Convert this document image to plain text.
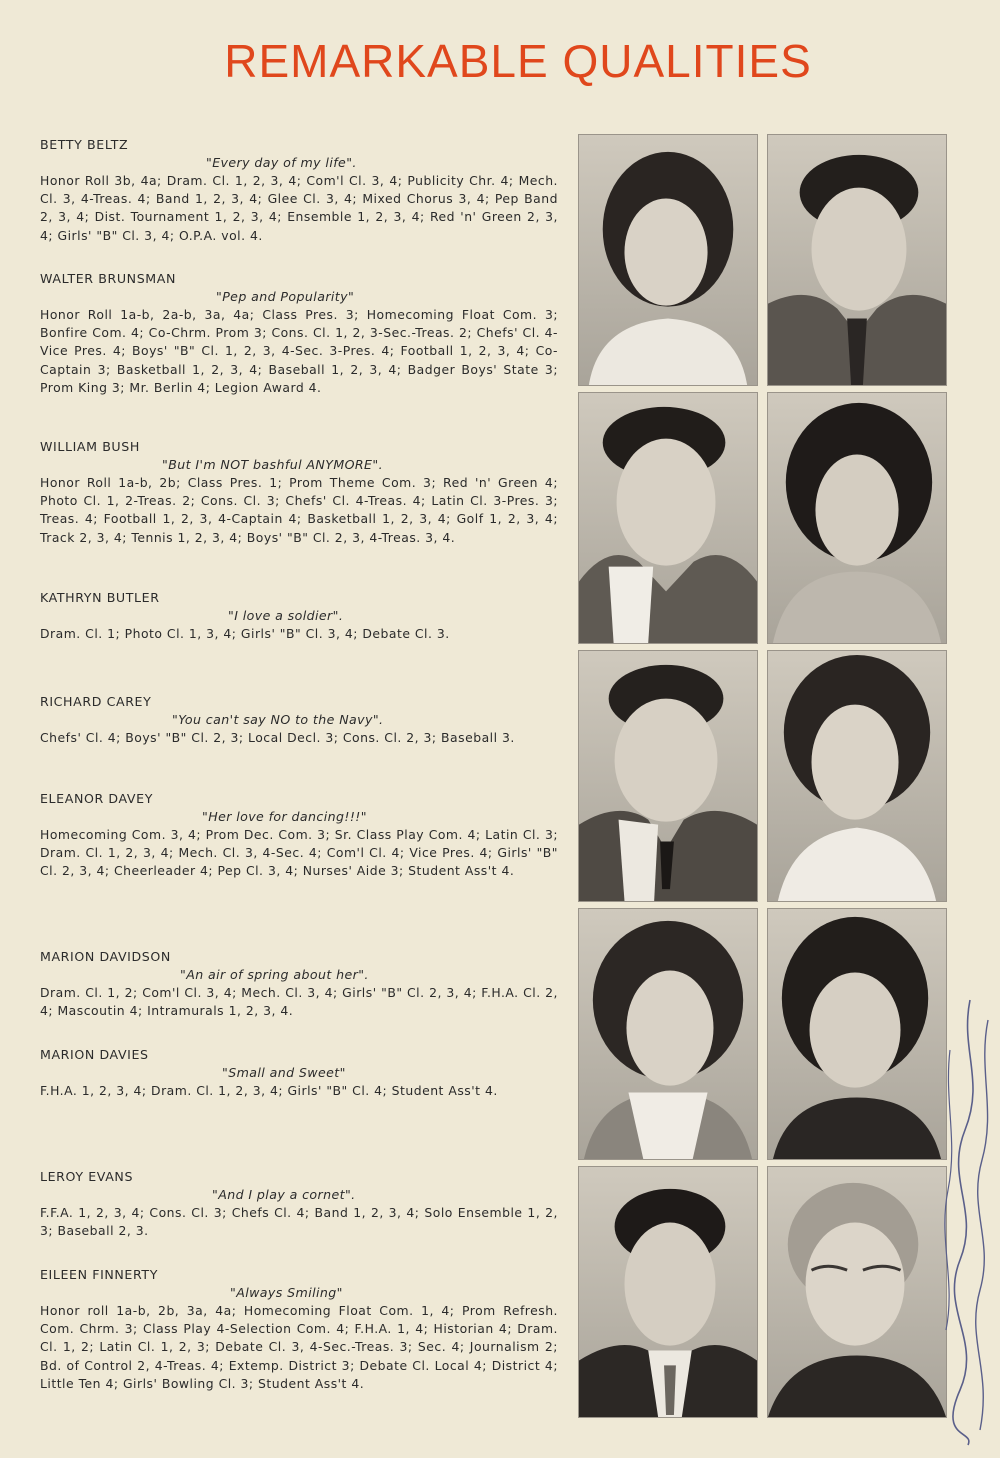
REMARKABLE QUALITIES
BETTY BELTZ
"Every day of my life".
Honor Roll 3b, 4a; Dram. Cl. 1, 2, 3, 4; Com'l Cl. 3, 4; Publicity Chr. 4; Mech. Cl. 3, 4-Treas. 4; Band 1, 2, 3, 4; Glee Cl. 3, 4; Mixed Chorus 3, 4; Pep Band 2, 3, 4; Dist. Tournament 1, 2, 3, 4; Ensemble 1, 2, 3, 4; Red 'n' Green 2, 3, 4; Girls' "B" Cl. 3, 4; O.P.A. vol. 4.
WALTER BRUNSMAN
"Pep and Popularity"
Honor Roll 1a-b, 2a-b, 3a, 4a; Class Pres. 3; Homecoming Float Com. 3; Bonfire Com. 4; Co-Chrm. Prom 3; Cons. Cl. 1, 2, 3-Sec.-Treas. 2; Chefs' Cl. 4-Vice Pres. 4; Boys' "B" Cl. 1, 2, 3, 4-Sec. 3-Pres. 4; Football 1, 2, 3, 4; Co-Captain 3; Basketball 1, 2, 3, 4; Baseball 1, 2, 3, 4; Badger Boys' State 3; Prom King 3; Mr. Berlin 4; Legion Award 4.
WILLIAM BUSH
"But I'm NOT bashful ANYMORE".
Honor Roll 1a-b, 2b; Class Pres. 1; Prom Theme Com. 3; Red 'n' Green 4; Photo Cl. 1, 2-Treas. 2; Cons. Cl. 3; Chefs' Cl. 4-Treas. 4; Latin Cl. 3-Pres. 3; Treas. 4; Football 1, 2, 3, 4-Captain 4; Basketball 1, 2, 3, 4; Golf 1, 2, 3, 4; Track 2, 3, 4; Tennis 1, 2, 3, 4; Boys' "B" Cl. 2, 3, 4-Treas. 3, 4.
KATHRYN BUTLER
"I love a soldier".
Dram. Cl. 1; Photo Cl. 1, 3, 4; Girls' "B" Cl. 3, 4; Debate Cl. 3.
RICHARD CAREY
"You can't say NO to the Navy".
Chefs' Cl. 4; Boys' "B" Cl. 2, 3; Local Decl. 3; Cons. Cl. 2, 3; Baseball 3.
ELEANOR DAVEY
"Her love for dancing!!!"
Homecoming Com. 3, 4; Prom Dec. Com. 3; Sr. Class Play Com. 4; Latin Cl. 3; Dram. Cl. 1, 2, 3, 4; Mech. Cl. 3, 4-Sec. 4; Com'l Cl. 4; Vice Pres. 4; Girls' "B" Cl. 2, 3, 4; Cheerleader 4; Pep Cl. 3, 4; Nurses' Aide 3; Student Ass't 4.
MARION DAVIDSON
"An air of spring about her".
Dram. Cl. 1, 2; Com'l Cl. 3, 4; Mech. Cl. 3, 4; Girls' "B" Cl. 2, 3, 4; F.H.A. Cl. 2, 4; Mascoutin 4; Intramurals 1, 2, 3, 4.
MARION DAVIES
"Small and Sweet"
F.H.A. 1, 2, 3, 4; Dram. Cl. 1, 2, 3, 4; Girls' "B" Cl. 4; Student Ass't 4.
LEROY EVANS
"And I play a cornet".
F.F.A. 1, 2, 3, 4; Cons. Cl. 3; Chefs Cl. 4; Band 1, 2, 3, 4; Solo Ensemble 1, 2, 3; Baseball 2, 3.
EILEEN FINNERTY
"Always Smiling"
Honor roll 1a-b, 2b, 3a, 4a; Homecoming Float Com. 1, 4; Prom Refresh. Com. Chrm. 3; Class Play 4-Selection Com. 4; F.H.A. 1, 4; Historian 4; Dram. Cl. 1, 2; Latin Cl. 1, 2, 3; Debate Cl. 3, 4-Sec.-Treas. 3; Sec. 4; Journalism 2; Bd. of Control 2, 4-Treas. 4; Extemp. District 3; Debate Cl. Local 4; District 4; Little Ten 4; Girls' Bowling Cl. 3; Student Ass't 4.
